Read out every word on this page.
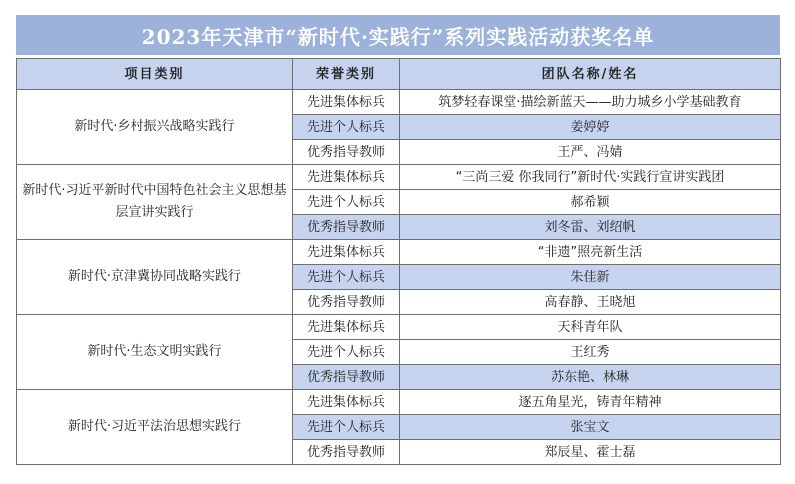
2023年天津市“新时代·实践行”系列实践活动获奖名单
项目类别	荣誉类别	团队名称/姓名
新时代·乡村振兴战略实践行	先进集体标兵	筑梦轻春课堂·描绘新蓝天——助力城乡小学基础教育
	先进个人标兵	姜婷婷
	优秀指导教师	王严、冯婧
新时代·习近平新时代中国特色社会主义思想基层宣讲实践行	先进集体标兵	“三尚三爱 你我同行”新时代·实践行宣讲实践团
	先进个人标兵	郝希颖
	优秀指导教师	刘冬雷、刘绍帆
新时代·京津冀协同战略实践行	先进集体标兵	“非遗”照亮新生活
	先进个人标兵	朱佳新
	优秀指导教师	高春静、王晓旭
新时代·生态文明实践行	先进集体标兵	天科青年队
	先进个人标兵	王红秀
	优秀指导教师	苏东艳、林琳
新时代·习近平法治思想实践行	先进集体标兵	逐五角星光，铸青年精神
	先进个人标兵	张宝文
	优秀指导教师	郑辰星、霍士磊
